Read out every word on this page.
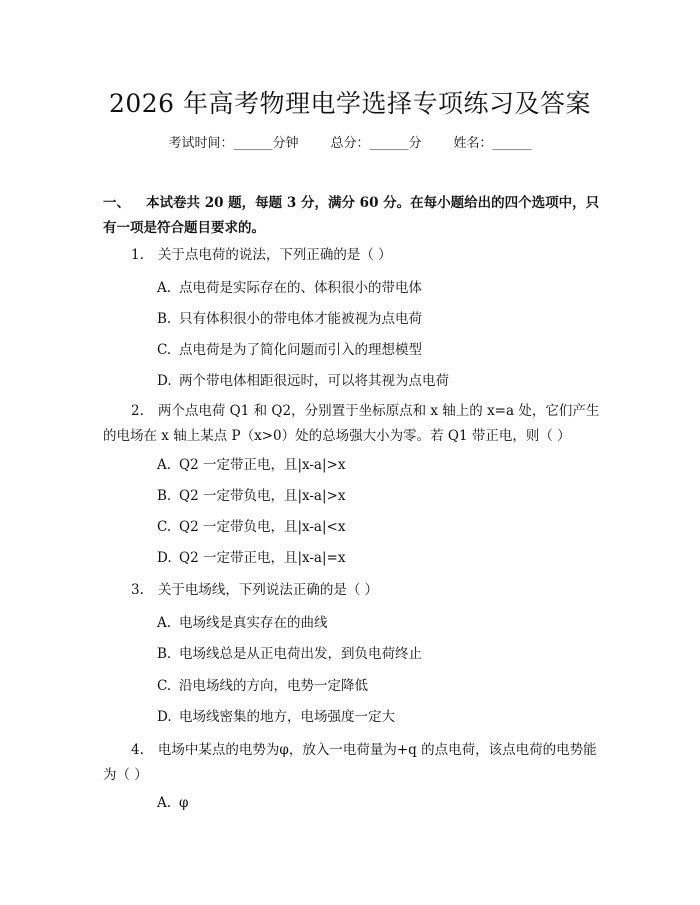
2026 年高考物理电学选择专项练习及答案
考试时间：______分钟 总分：______分 姓名：______
一、 本试卷共 20 题，每题 3 分，满分 60 分。在每小题给出的四个选项中，只有一项是符合题目要求的。
1. 关于点电荷的说法，下列正确的是（ ）
A. 点电荷是实际存在的、体积很小的带电体
B. 只有体积很小的带电体才能被视为点电荷
C. 点电荷是为了简化问题而引入的理想模型
D. 两个带电体相距很远时，可以将其视为点电荷
2. 两个点电荷 Q1 和 Q2，分别置于坐标原点和 x 轴上的 x=a 处，它们产生的电场在 x 轴上某点 P（x>0）处的总场强大小为零。若 Q1 带正电，则（ ）
A. Q2 一定带正电，且|x-a|>x
B. Q2 一定带负电，且|x-a|>x
C. Q2 一定带负电，且|x-a|<x
D. Q2 一定带正电，且|x-a|=x
3. 关于电场线，下列说法正确的是（ ）
A. 电场线是真实存在的曲线
B. 电场线总是从正电荷出发，到负电荷终止
C. 沿电场线的方向，电势一定降低
D. 电场线密集的地方，电场强度一定大
4. 电场中某点的电势为φ，放入一电荷量为+q 的点电荷，该点电荷的电势能为（ ）
A. φ
